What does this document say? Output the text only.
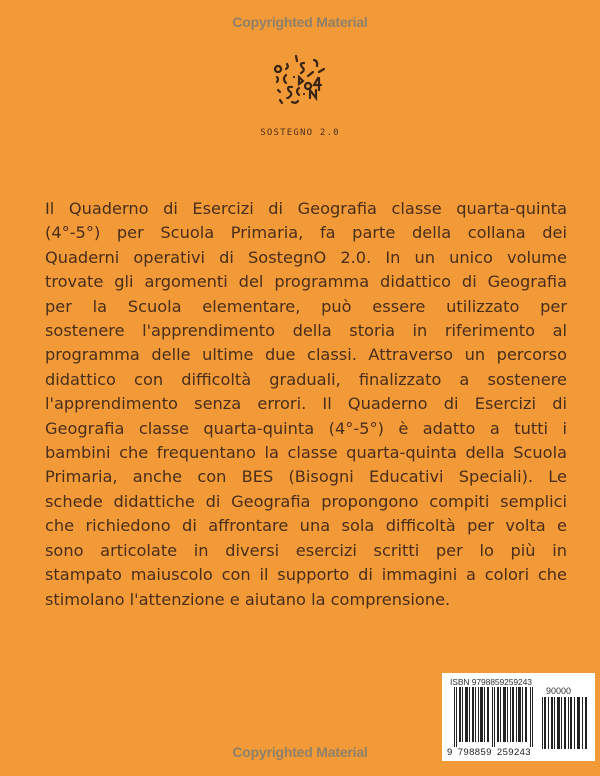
Copyrighted Material
SOSTEGNO 2.0
Il Quaderno di Esercizi di Geografia classe quarta-quinta
(4°-5°) per Scuola Primaria, fa parte della collana dei
Quaderni operativi di SostegnO 2.0. In un unico volume
trovate gli argomenti del programma didattico di Geografia
per la Scuola elementare, può essere utilizzato per
sostenere l'apprendimento della storia in riferimento al
programma delle ultime due classi. Attraverso un percorso
didattico con difficoltà graduali, finalizzato a sostenere
l'apprendimento senza errori. Il Quaderno di Esercizi di
Geografia classe quarta-quinta (4°-5°) è adatto a tutti i
bambini che frequentano la classe quarta-quinta della Scuola
Primaria, anche con BES (Bisogni Educativi Speciali). Le
schede didattiche di Geografia propongono compiti semplici
che richiedono di affrontare una sola difficoltà per volta e
sono articolate in diversi esercizi scritti per lo più in
stampato maiuscolo con il supporto di immagini a colori che
stimolano l'attenzione e aiutano la comprensione.
ISBN 9798859259243
90000
9 798859 259243
Copyrighted Material
